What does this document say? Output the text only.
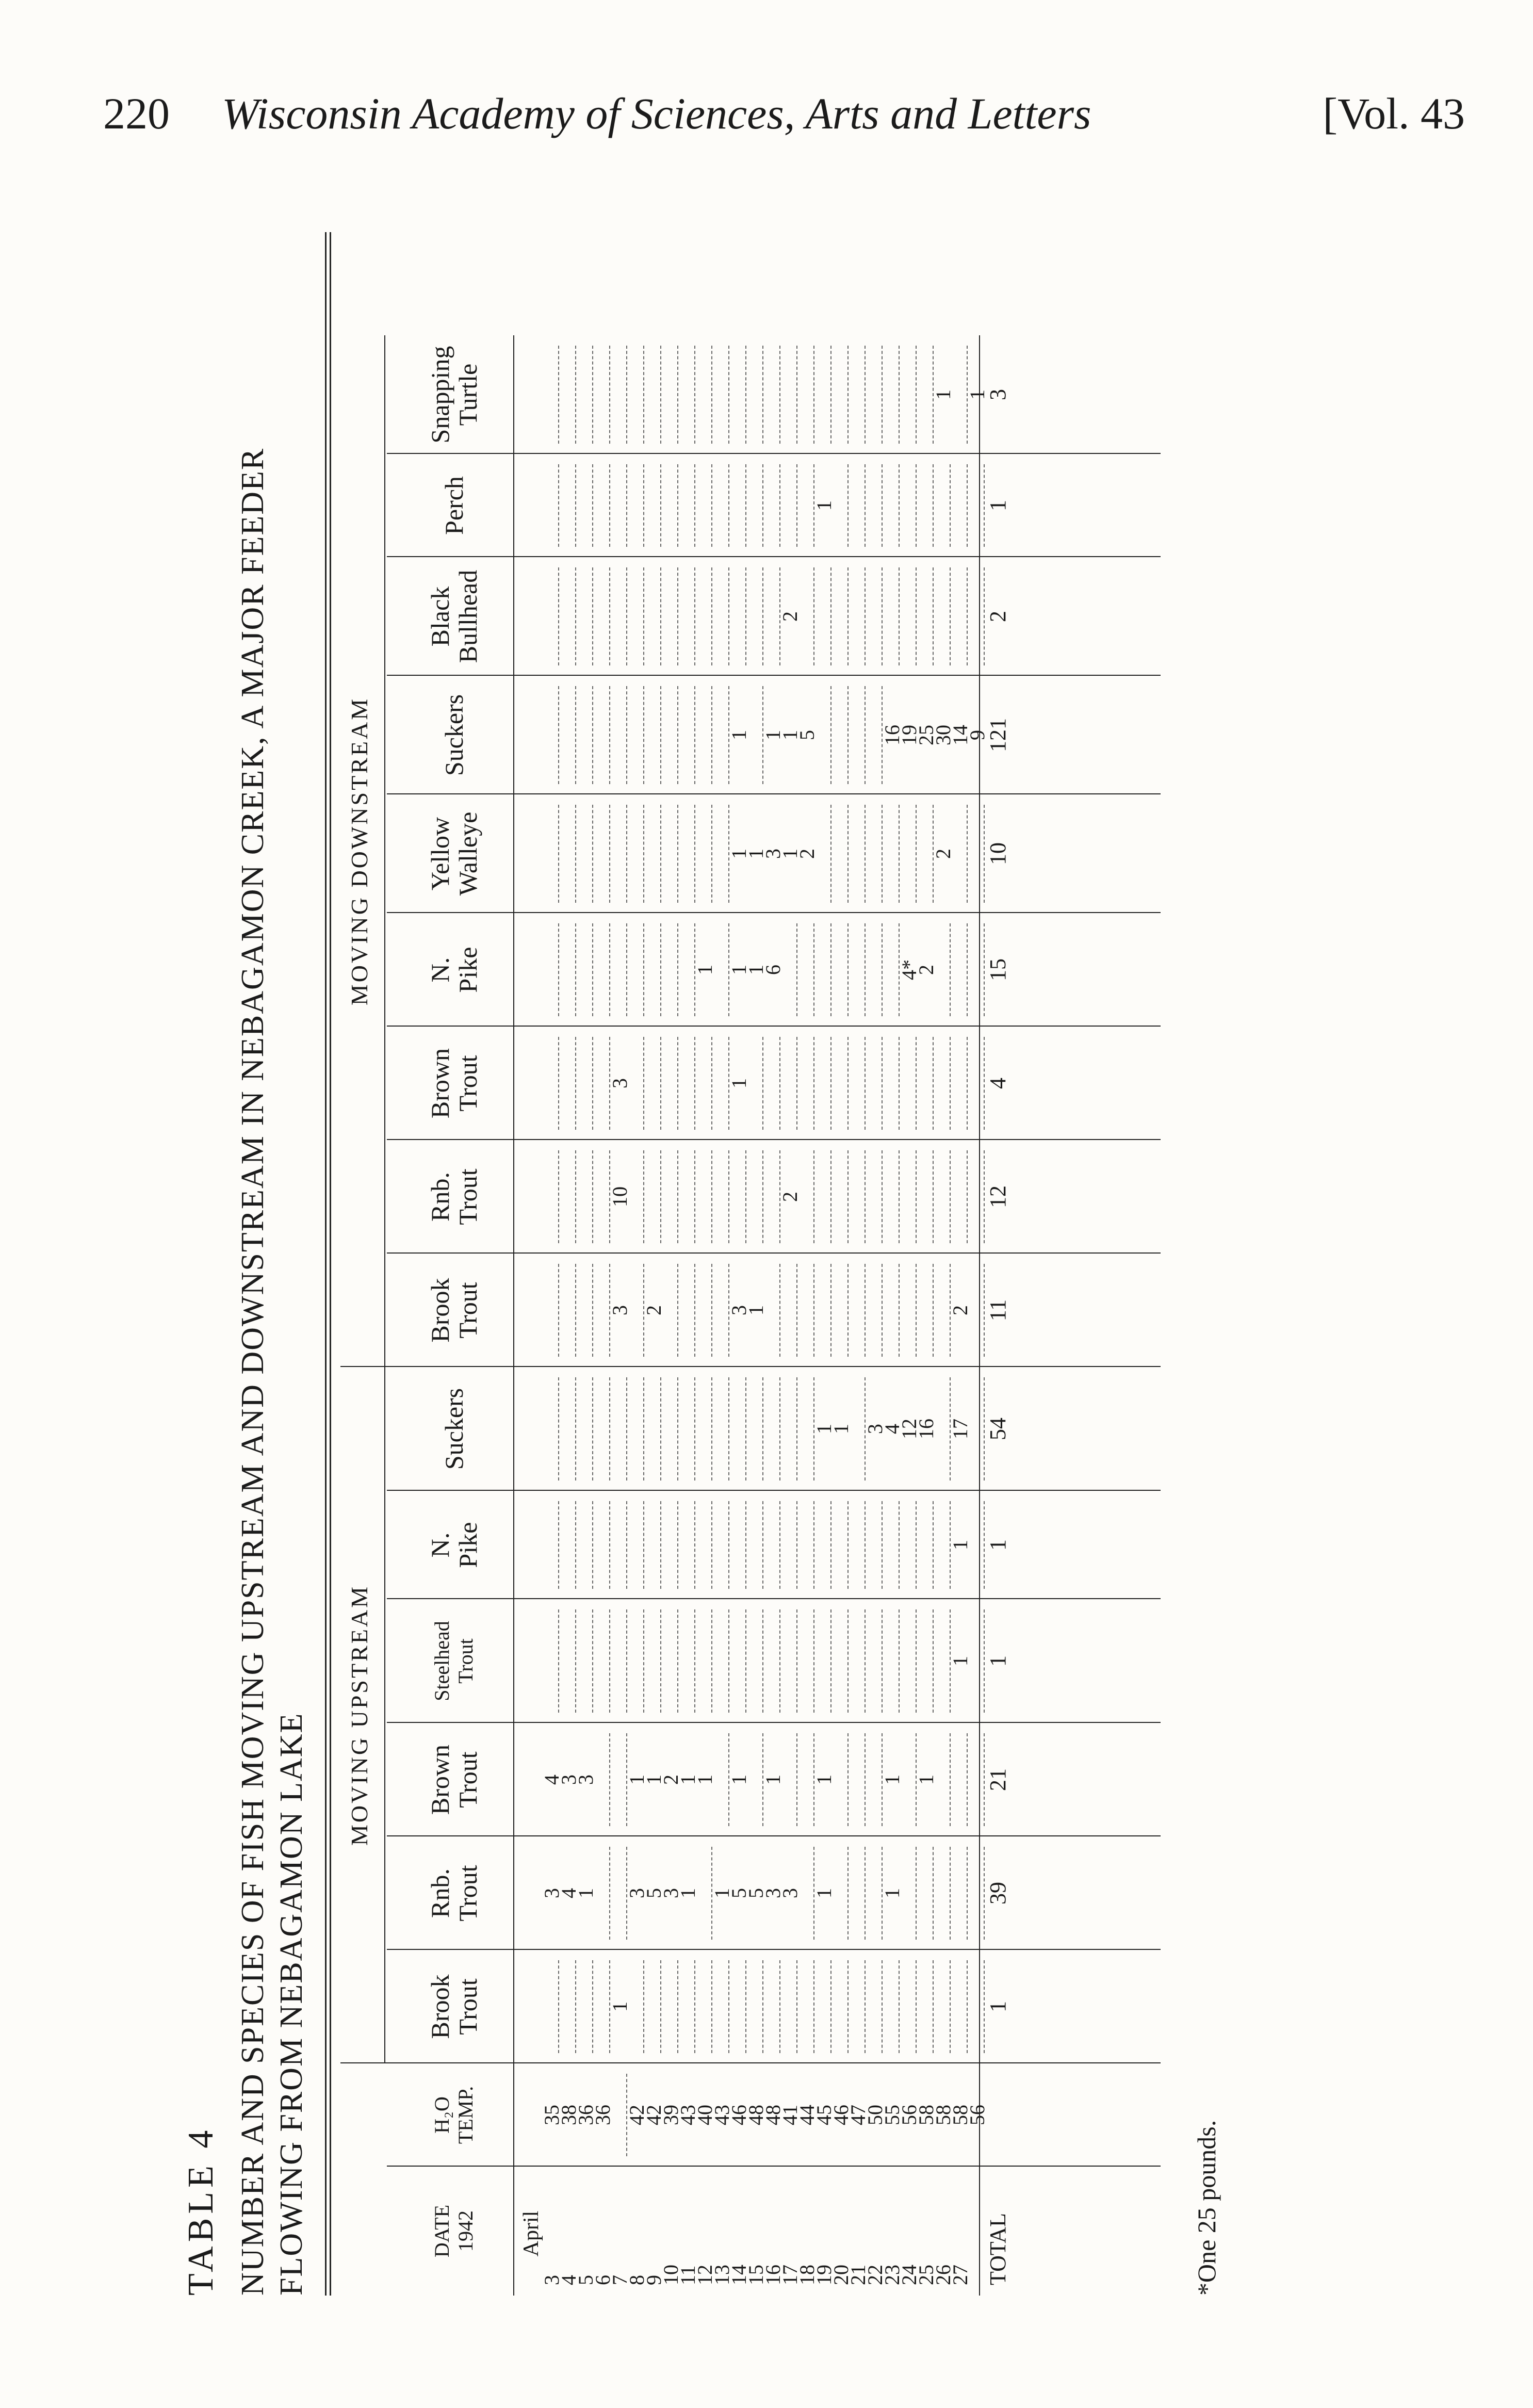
220 Wisconsin Academy of Sciences, Arts and Letters	[Vol. 43
TABLE 4 NUMBER AND SPECIES OF FISH MOVING UPSTREAM AND DOWNSTREAM IN NEBAGAMON CREEK, A MAJOR FEEDER FLOWING FROM NEBAGAMON LAKE MOVING UPSTREAM
MOVING DOWNSTREAM
DATE
1942
H₂O
TEMP.
Brook
Trout
Rnb.
Trout
Brown
Trout
Steelhead
Trout
N.
Pike
Suckers
Brook
Trout
Rnb.
Trout
Brown
Trout
N.
Pike
Yellow
Walleye
Suckers
Black
Bullhead
Perch
Snapping
Turtle
April
3
35
3
4
4
38
4
3
5
36
1
3
6
36
7
1
3
10
3
8
42
3
1
9
42
5
1
2
10
39
3
2
11
43
1
1
12
40
1
1
13
43
1
14
46
5
1
3
1
1
1
1
15
48
5
1
1
1
16
48
3
1
6
3
1
17
41
3
2
1
1
2
18
44
2
5
19
45
1
1
1
1
20
46
1
21
47
22
50
3
23
55
1
1
4
16
24
56
12
4*
19
25
58
1
16
2
25
26
58
2
30
1
27
58
1
1
17
2
14
56
9
1
TOTAL
1
39
21
1
1
54
11
12
4
15
10
121
2
1
3
*One 25 pounds.
